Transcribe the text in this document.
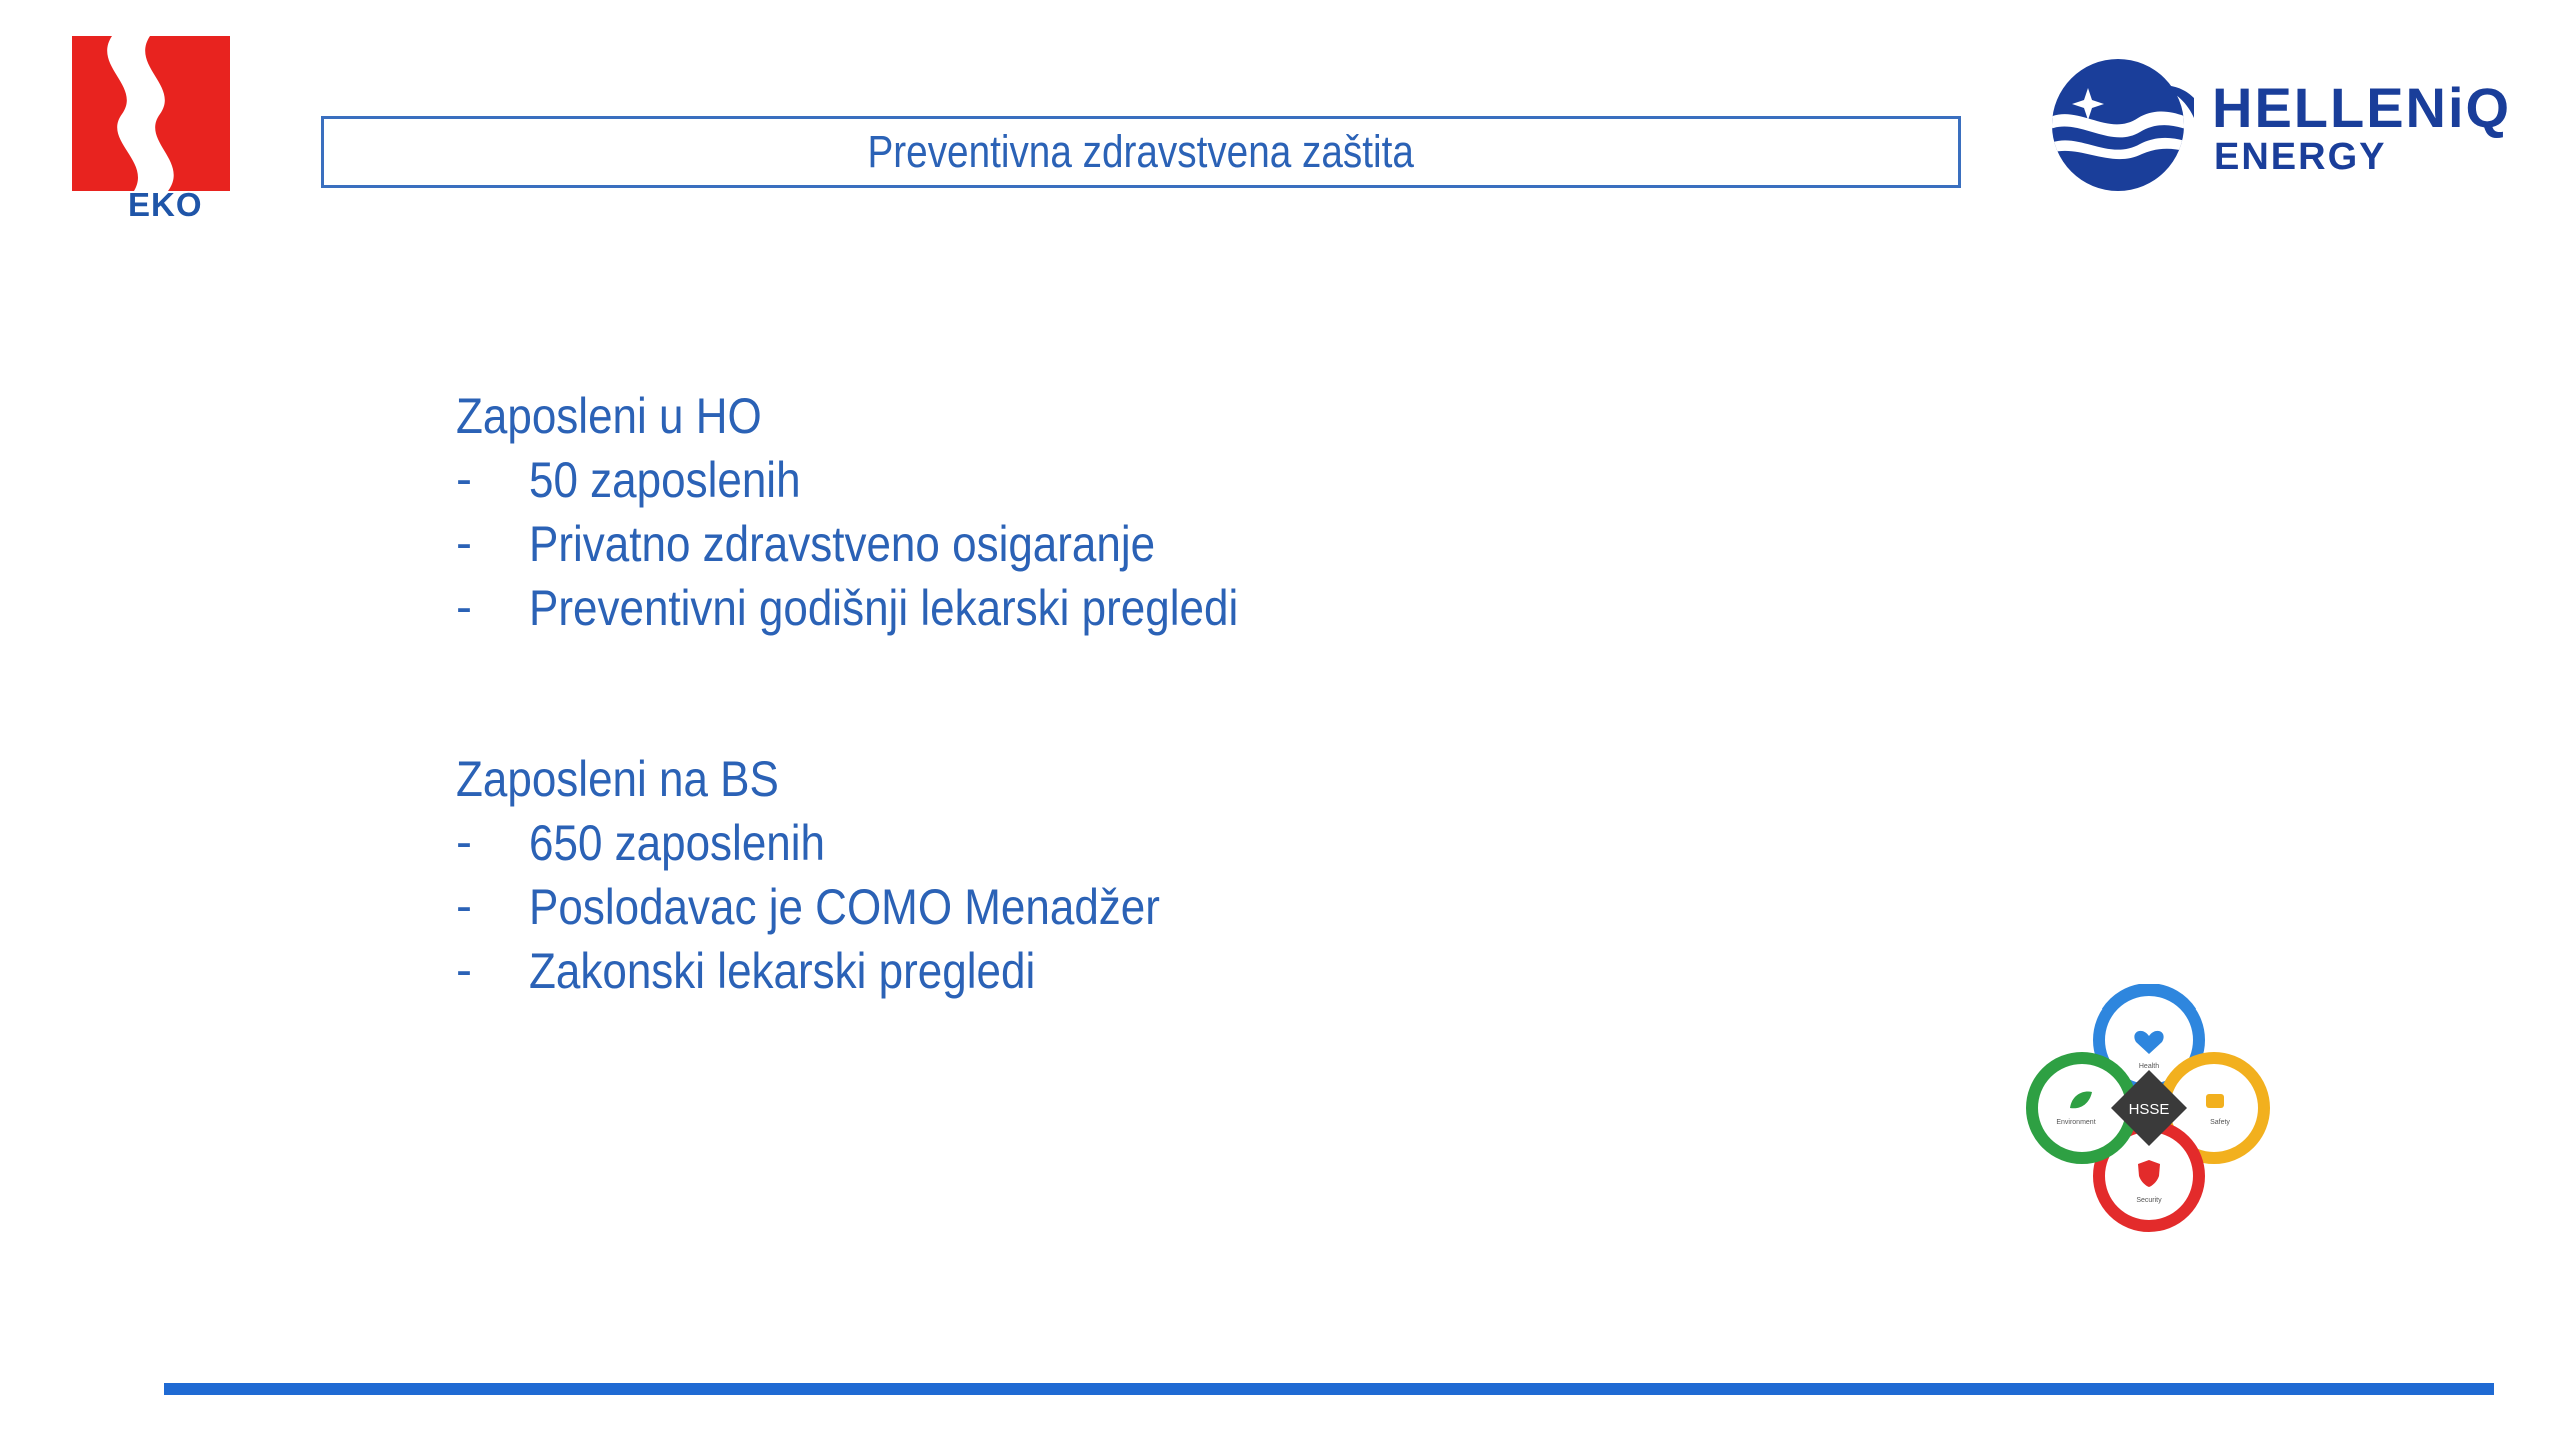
EKO
Preventivna zdravstvena zaštita
HELLENiQ
ENERGY
Zaposleni u HO
- 50 zaposlenih
- Privatno zdravstveno osigaranje
- Preventivni godišnji lekarski pregledi
Zaposleni na BS
- 650 zaposlenih
- Poslodavac je COMO Menadžer
- Zakonski lekarski pregledi
Health
Safety
Security
Environment
HSSE
